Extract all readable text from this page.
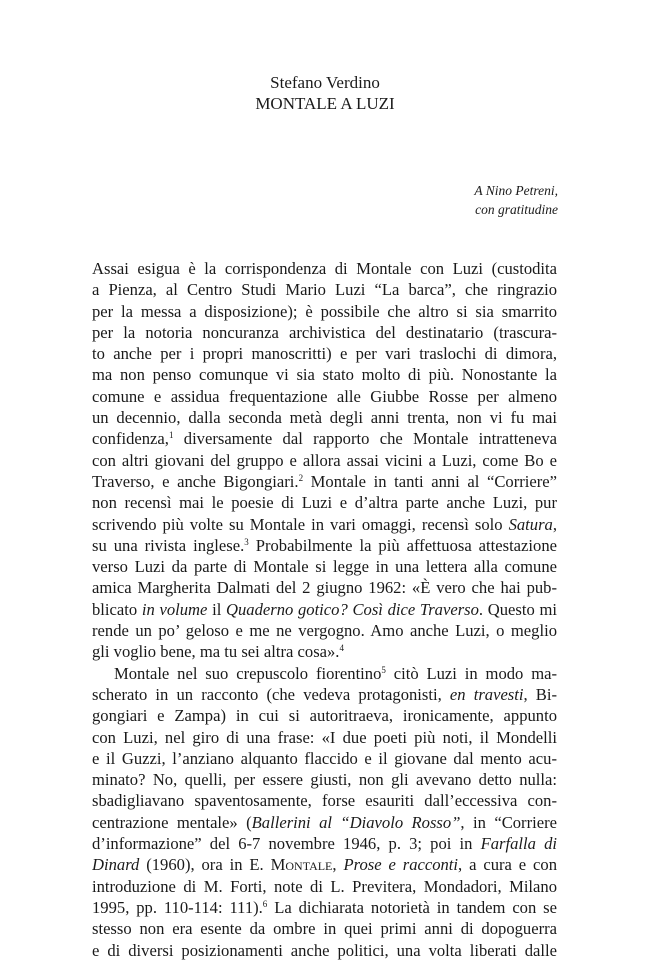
Stefano Verdino
MONTALE A LUZI
A Nino Petreni,
con gratitudine
Assai esigua è la corrispondenza di Montale con Luzi (custodita
a Pienza, al Centro Studi Mario Luzi “La barca”, che ringrazio
per la messa a disposizione); è possibile che altro si sia smarrito
per la notoria noncuranza archivistica del destinatario (trascura-
to anche per i propri manoscritti) e per vari traslochi di dimora,
ma non penso comunque vi sia stato molto di più. Nonostante la
comune e assidua frequentazione alle Giubbe Rosse per almeno
un decennio, dalla seconda metà degli anni trenta, non vi fu mai
confidenza,$^1$ diversamente dal rapporto che Montale intratteneva
con altri giovani del gruppo e allora assai vicini a Luzi, come Bo e
Traverso, e anche Bigongiari.$^2$ Montale in tanti anni al “Corriere”
non recensì mai le poesie di Luzi e d’altra parte anche Luzi, pur
scrivendo più volte su Montale in vari omaggi, recensì solo Satura,
su una rivista inglese.$^3$ Probabilmente la più affettuosa attestazione
verso Luzi da parte di Montale si legge in una lettera alla comune
amica Margherita Dalmati del 2 giugno 1962: «È vero che hai pub-
blicato in volume il Quaderno gotico? Così dice Traverso. Questo mi
rende un po’ geloso e me ne vergogno. Amo anche Luzi, o meglio
gli voglio bene, ma tu sei altra cosa».$^4$
Montale nel suo crepuscolo fiorentino$^5$ citò Luzi in modo ma-
scherato in un racconto (che vedeva protagonisti, en travesti, Bi-
gongiari e Zampa) in cui si autoritraeva, ironicamente, appunto
con Luzi, nel giro di una frase: «I due poeti più noti, il Mondelli
e il Guzzi, l’anziano alquanto flaccido e il giovane dal mento acu-
minato? No, quelli, per essere giusti, non gli avevano detto nulla:
sbadigliavano spaventosamente, forse esauriti dall’eccessiva con-
centrazione mentale» (Ballerini al “Diavolo Rosso”, in “Corriere
d’informazione” del 6-7 novembre 1946, p. 3; poi in Farfalla di
Dinard (1960), ora in E. Montale, Prose e racconti, a cura e con
introduzione di M. Forti, note di L. Previtera, Mondadori, Milano
1995, pp. 110-114: 111).$^6$ La dichiarata notorietà in tandem con se
stesso non era esente da ombre in quei primi anni di dopoguerra
e di diversi posizionamenti anche politici, una volta liberati dalle
